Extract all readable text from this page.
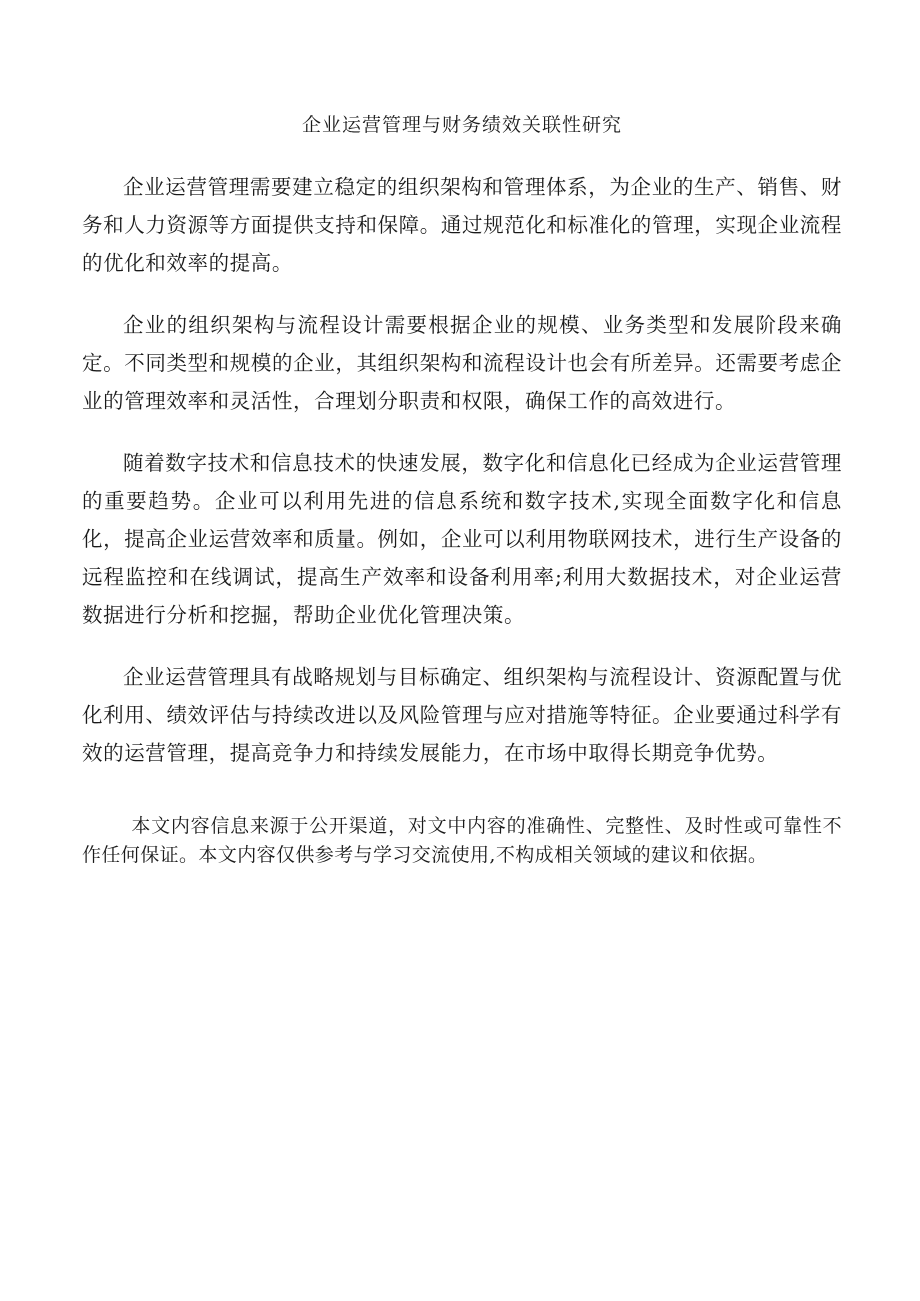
企业运营管理与财务绩效关联性研究

企业运营管理需要建立稳定的组织架构和管理体系，为企业的生产、销售、财务和人力资源等方面提供支持和保障。通过规范化和标准化的管理，实现企业流程的优化和效率的提高。

企业的组织架构与流程设计需要根据企业的规模、业务类型和发展阶段来确定。不同类型和规模的企业，其组织架构和流程设计也会有所差异。还需要考虑企业的管理效率和灵活性，合理划分职责和权限，确保工作的高效进行。

随着数字技术和信息技术的快速发展，数字化和信息化已经成为企业运营管理的重要趋势。企业可以利用先进的信息系统和数字技术,实现全面数字化和信息化，提高企业运营效率和质量。例如，企业可以利用物联网技术，进行生产设备的远程监控和在线调试，提高生产效率和设备利用率;利用大数据技术，对企业运营数据进行分析和挖掘，帮助企业优化管理决策。

企业运营管理具有战略规划与目标确定、组织架构与流程设计、资源配置与优化利用、绩效评估与持续改进以及风险管理与应对措施等特征。企业要通过科学有效的运营管理，提高竞争力和持续发展能力，在市场中取得长期竞争优势。

本文内容信息来源于公开渠道，对文中内容的准确性、完整性、及时性或可靠性不作任何保证。本文内容仅供参考与学习交流使用,不构成相关领域的建议和依据。
